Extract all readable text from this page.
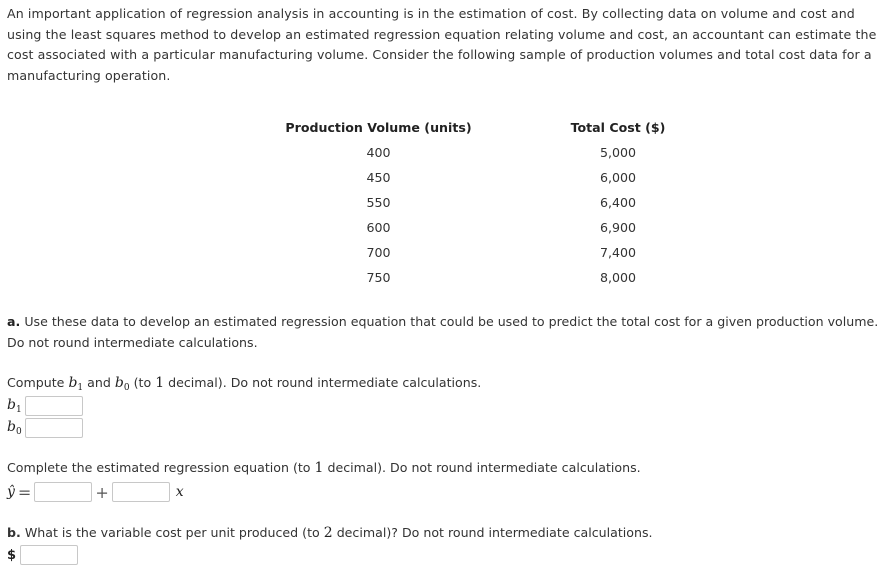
An important application of regression analysis in accounting is in the estimation of cost. By collecting data on volume and cost and using the least squares method to develop an estimated regression equation relating volume and cost, an accountant can estimate the cost associated with a particular manufacturing volume. Consider the following sample of production volumes and total cost data for a manufacturing operation.

Production Volume (units)		Total Cost ($)
400		5,000
450		6,000
550		6,400
600		6,900
700		7,400
750		8,000

a. Use these data to develop an estimated regression equation that could be used to predict the total cost for a given production volume. Do not round intermediate calculations.

Compute $b_1$ and $b_0$ (to 1 decimal). Do not round intermediate calculations.

$b_1$
$b_0$

Complete the estimated regression equation (to 1 decimal). Do not round intermediate calculations.

ŷ =	+	x

b. What is the variable cost per unit produced (to 2 decimal)? Do not round intermediate calculations.

$
